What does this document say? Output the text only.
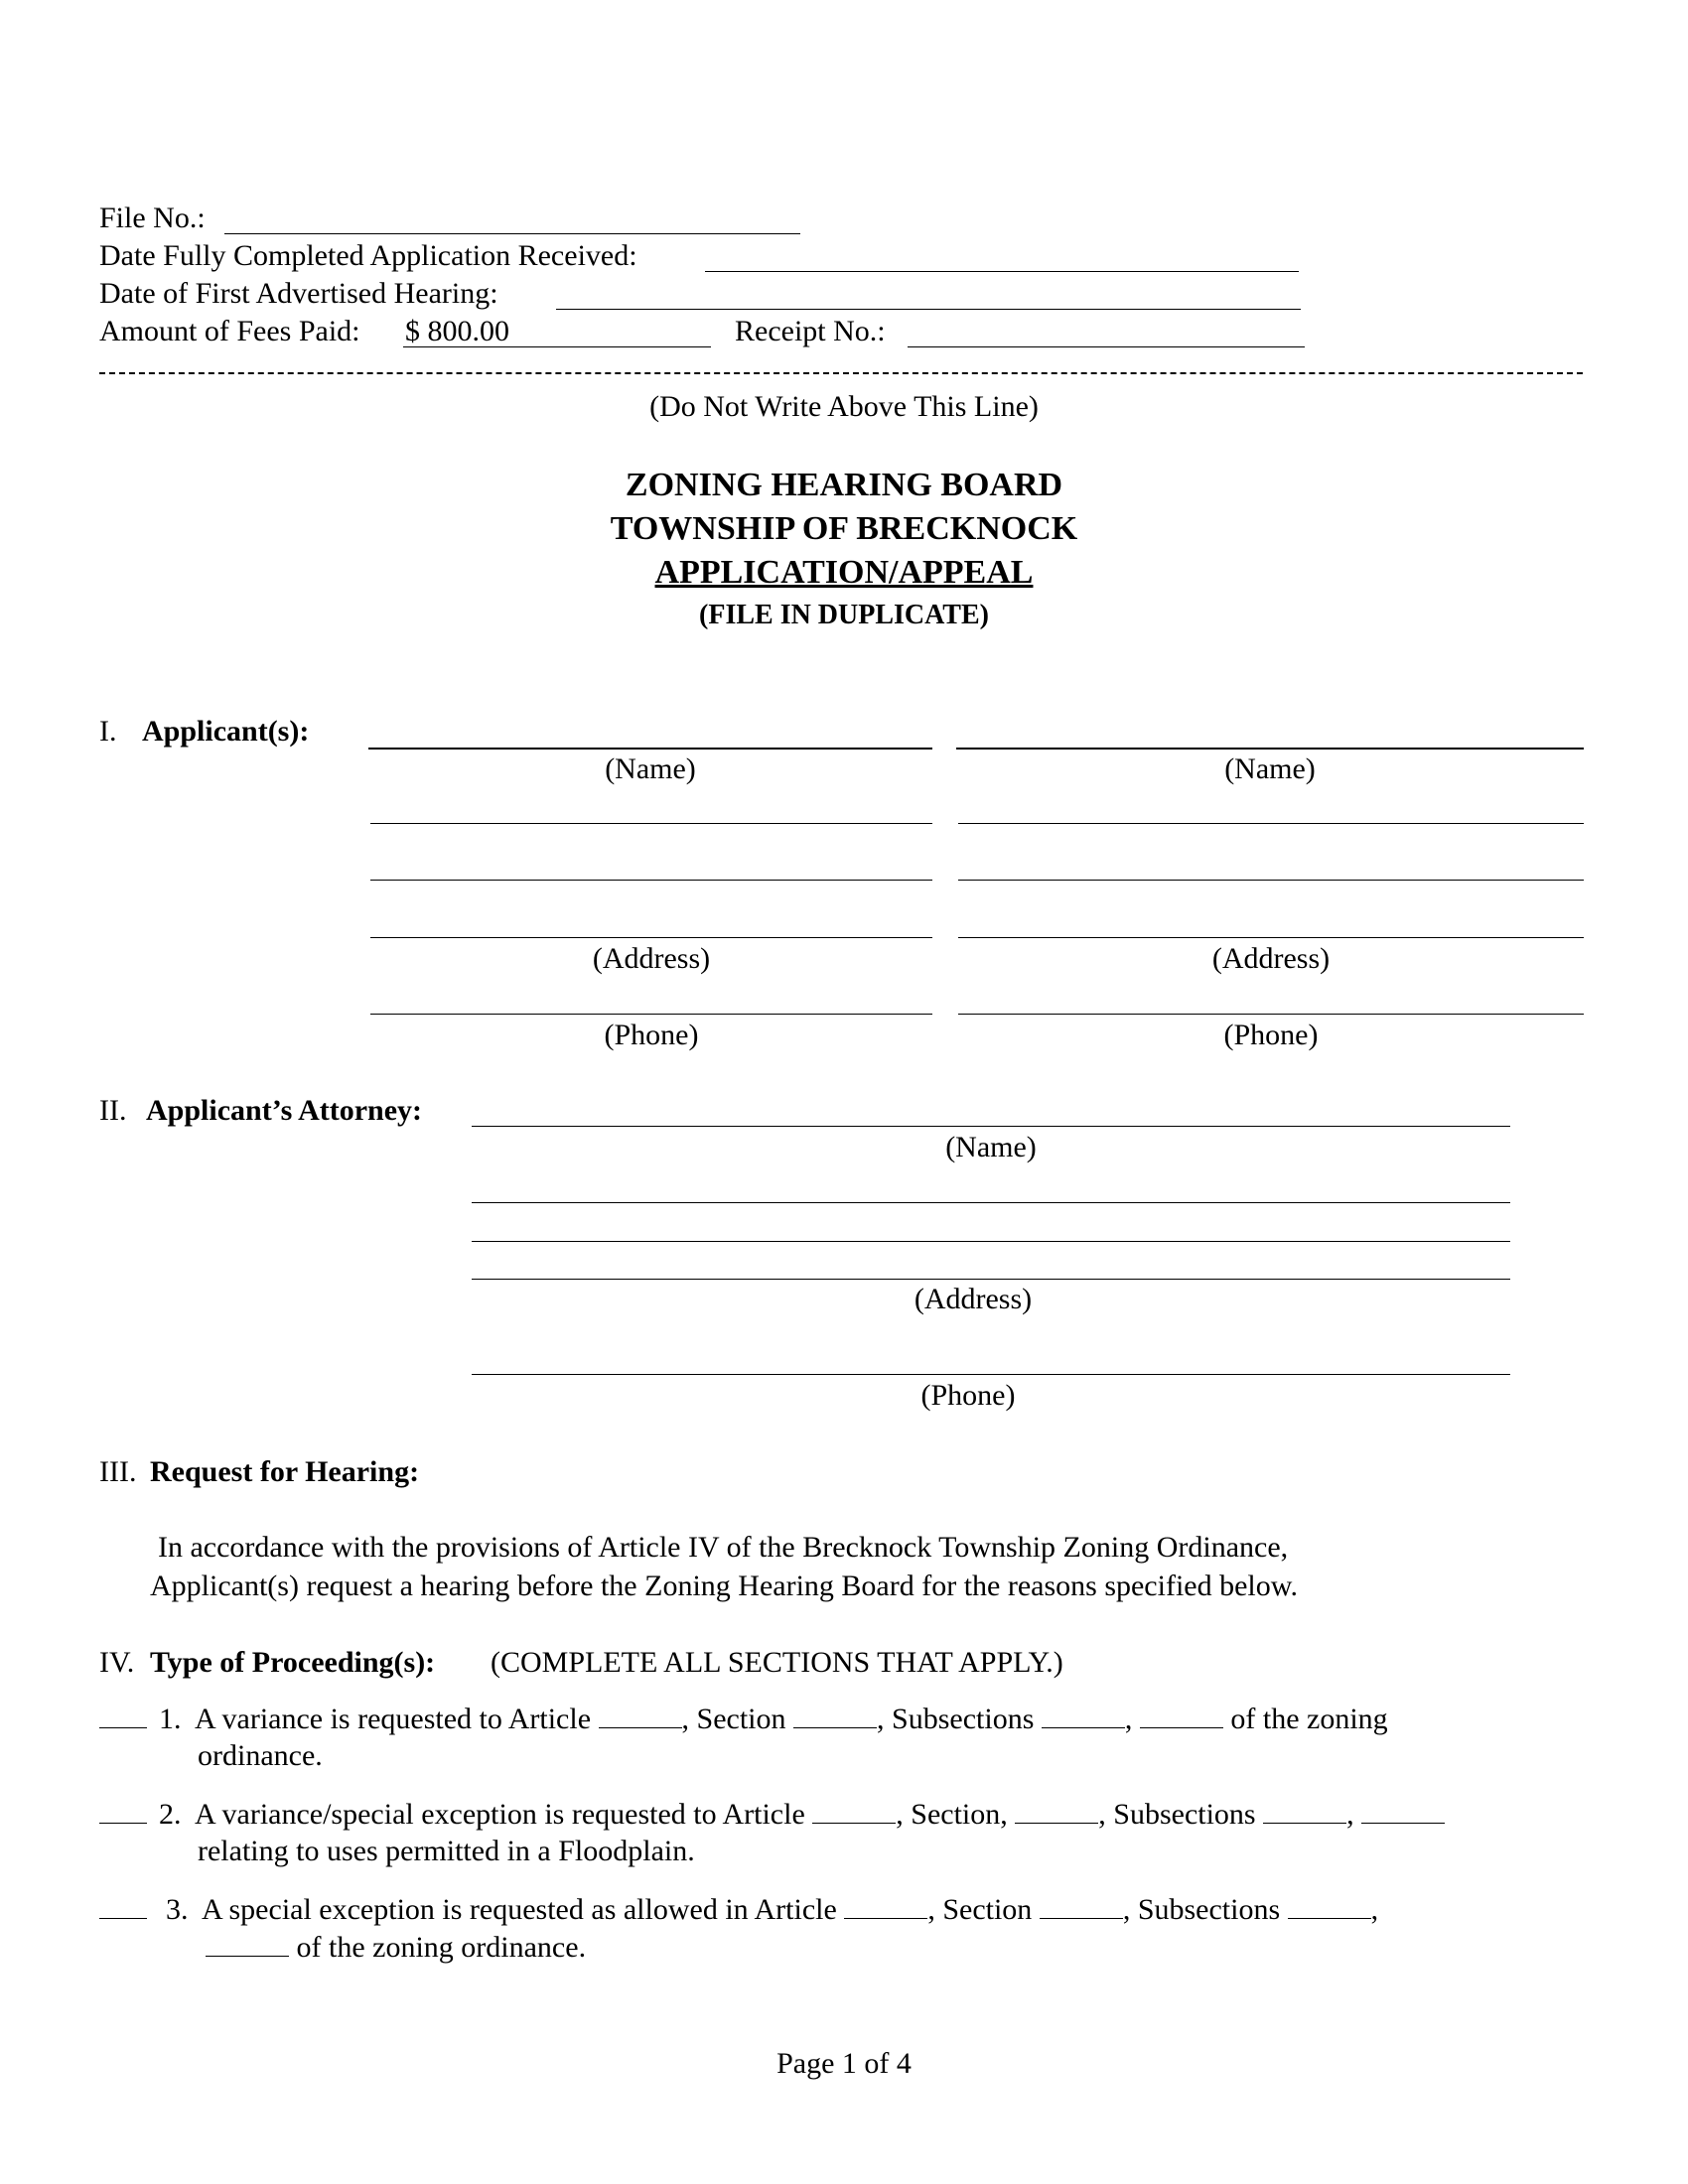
File No.:
Date Fully Completed Application Received:
Date of First Advertised Hearing:
Amount of Fees Paid: $ 800.00	Receipt No.:
(Do Not Write Above This Line)
ZONING HEARING BOARD
TOWNSHIP OF BRECKNOCK
APPLICATION/APPEAL
(FILE IN DUPLICATE)
I. Applicant(s):
(Name)	(Name)
(Address)	(Address)
(Phone)	(Phone)
II. Applicant’s Attorney:
(Name)
(Address)
(Phone)
III. Request for Hearing:
In accordance with the provisions of Article IV of the Brecknock Township Zoning Ordinance,
Applicant(s) request a hearing before the Zoning Hearing Board for the reasons specified below.
IV. Type of Proceeding(s): (COMPLETE ALL SECTIONS THAT APPLY.)
1. A variance is requested to Article	, Section	, Subsections	,	of the zoning
ordinance.
2. A variance/special exception is requested to Article	, Section,	, Subsections	,
relating to uses permitted in a Floodplain.
3. A special exception is requested as allowed in Article	, Section	, Subsections	,
of the zoning ordinance.
Page 1 of 4
